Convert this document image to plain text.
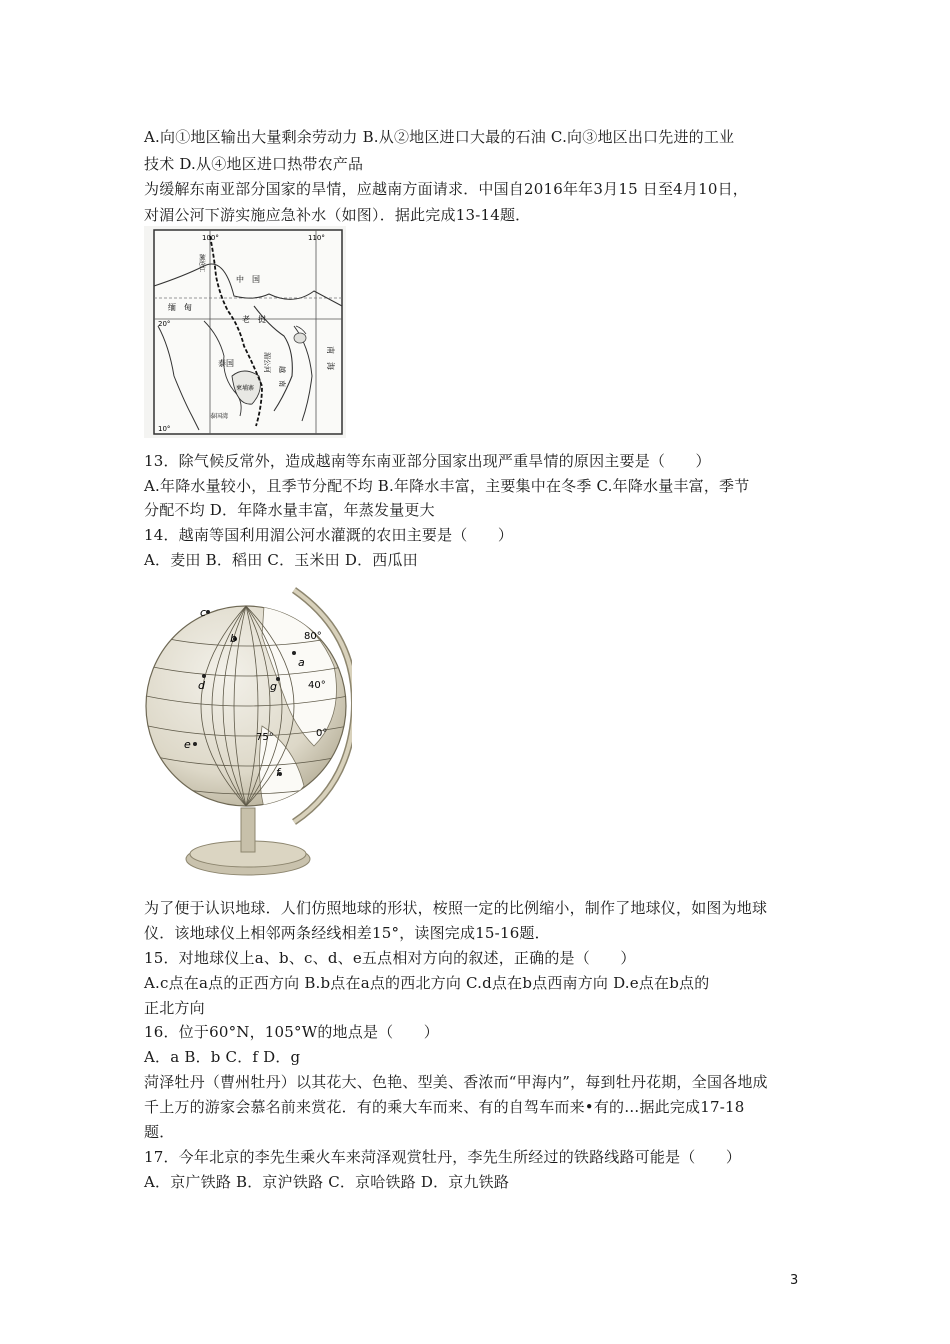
A.向①地区输出大量剩余劳动力 B.从②地区进口大最的石油 C.向③地区出口先进的工业
技术 D.从④地区进口热带农产品
为缓解东南亚部分国家的旱情，应越南方面请求．中国自2016年年3月15 日至4月10日，
对湄公河下游实施应急补水（如图）．据此完成13-14题．
100°	110°
20°
10°
中　国
缅　甸
老　挝
泰国
柬埔寨
越　南
湄公河
澜沧江
南　海
泰国湾
13．除气候反常外，造成越南等东南亚部分国家出现严重旱情的原因主要是（　　）
A.年降水量较小，且季节分配不均 B.年降水丰富，主要集中在冬季 C.年降水量丰富，季节
分配不均 D．年降水量丰富，年蒸发量更大
14．越南等国利用湄公河水灌溉的农田主要是（　　）
A．麦田 B．稻田 C．玉米田 D．西瓜田
c
b
a
d	g
e
f
80°
40°
0°
75°
为了便于认识地球．人们仿照地球的形状，桉照一定的比例缩小，制作了地球仪，如图为地球
仪．该地球仪上相邻两条经线相差15°，读图完成15-16题．
15．对地球仪上a、b、c、d、e五点相对方向的叙述，正确的是（　　）
A.c点在a点的正西方向 B.b点在a点的西北方向 C.d点在b点西南方向 D.e点在b点的
正北方向
16．位于60°N，105°W的地点是（　　）
A．a B．b C．f D．g
菏泽牡丹（曹州牡丹）以其花大、色艳、型美、香浓而“甲海内”，每到牡丹花期，全国各地成
千上万的游家会慕名前来赏花．有的乘大车而来、有的自驾车而来•有的…据此完成17-18
题．
17．今年北京的李先生乘火车来菏泽观赏牡丹，李先生所经过的铁路线路可能是（　　）
A．京广铁路 B．京沪铁路 C．京哈铁路 D．京九铁路
3
